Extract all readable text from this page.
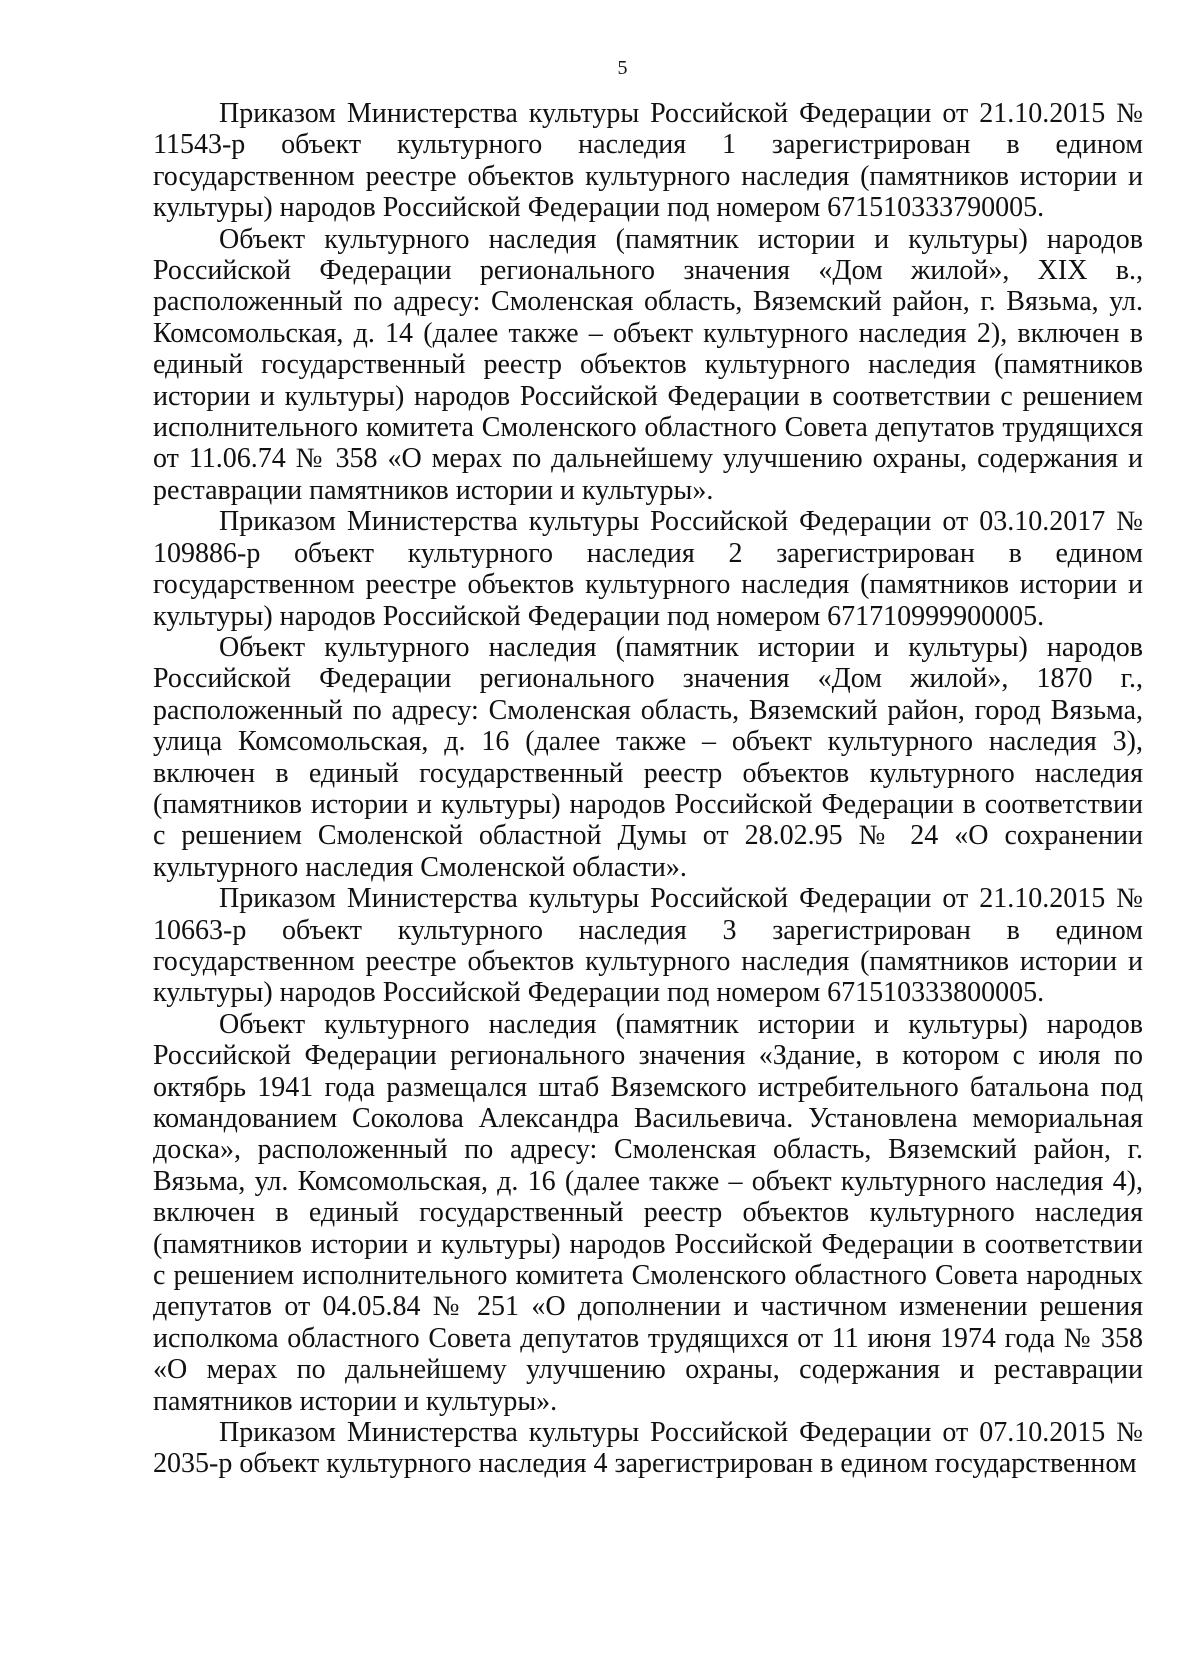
5

Приказом Министерства культуры Российской Федерации от 21.10.2015 № 11543-р объект культурного наследия 1 зарегистрирован в едином государственном реестре объектов культурного наследия (памятников истории и культуры) народов Российской Федерации под номером 671510333790005.

Объект культурного наследия (памятник истории и культуры) народов Российской Федерации регионального значения «Дом жилой», XIX в., расположенный по адресу: Смоленская область, Вяземский район, г. Вязьма, ул. Комсомольская, д. 14 (далее также – объект культурного наследия 2), включен в единый государственный реестр объектов культурного наследия (памятников истории и культуры) народов Российской Федерации в соответствии с решением исполнительного комитета Смоленского областного Совета депутатов трудящихся от 11.06.74 № 358 «О мерах по дальнейшему улучшению охраны, содержания и реставрации памятников истории и культуры».

Приказом Министерства культуры Российской Федерации от 03.10.2017 № 109886-р объект культурного наследия 2 зарегистрирован в едином государственном реестре объектов культурного наследия (памятников истории и культуры) народов Российской Федерации под номером 671710999900005.

Объект культурного наследия (памятник истории и культуры) народов Российской Федерации регионального значения «Дом жилой», 1870 г., расположенный по адресу: Смоленская область, Вяземский район, город Вязьма, улица Комсомольская, д. 16 (далее также – объект культурного наследия 3), включен в единый государственный реестр объектов культурного наследия (памятников истории и культуры) народов Российской Федерации в соответствии с решением Смоленской областной Думы от 28.02.95 № 24 «О сохранении культурного наследия Смоленской области».

Приказом Министерства культуры Российской Федерации от 21.10.2015 № 10663-р объект культурного наследия 3 зарегистрирован в едином государственном реестре объектов культурного наследия (памятников истории и культуры) народов Российской Федерации под номером 671510333800005.

Объект культурного наследия (памятник истории и культуры) народов Российской Федерации регионального значения «Здание, в котором с июля по октябрь 1941 года размещался штаб Вяземского истребительного батальона под командованием Соколова Александра Васильевича. Установлена мемориальная доска», расположенный по адресу: Смоленская область, Вяземский район, г. Вязьма, ул. Комсомольская, д. 16 (далее также – объект культурного наследия 4), включен в единый государственный реестр объектов культурного наследия (памятников истории и культуры) народов Российской Федерации в соответствии с решением исполнительного комитета Смоленского областного Совета народных депутатов от 04.05.84 № 251 «О дополнении и частичном изменении решения исполкома областного Совета депутатов трудящихся от 11 июня 1974 года № 358 «О мерах по дальнейшему улучшению охраны, содержания и реставрации памятников истории и культуры».

Приказом Министерства культуры Российской Федерации от 07.10.2015 № 2035-р объект культурного наследия 4 зарегистрирован в едином государственном
